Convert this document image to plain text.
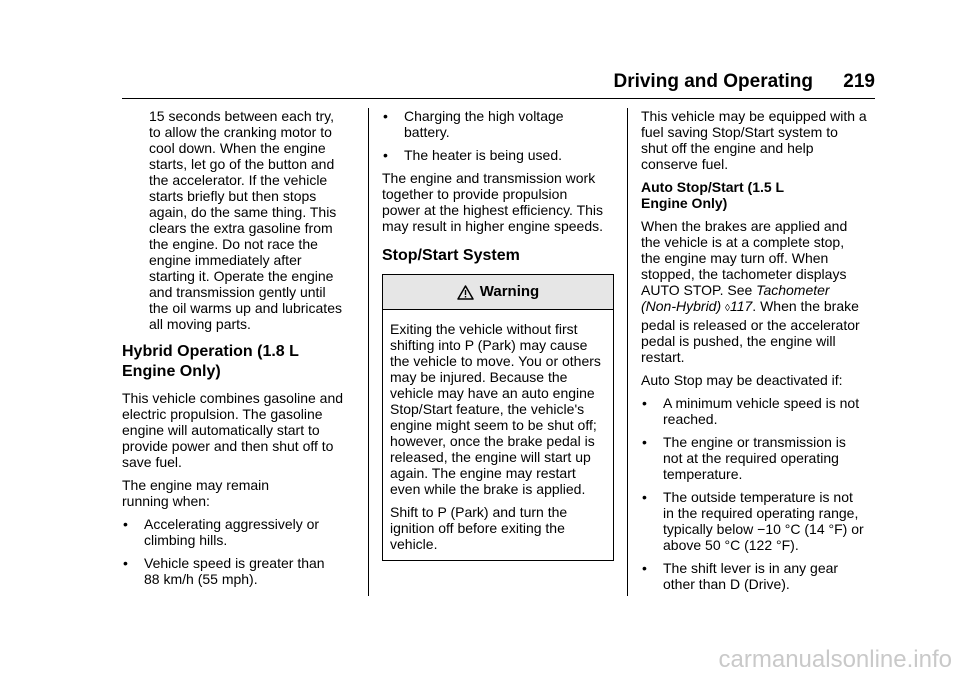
Driving and Operating 219

15 seconds between each try,
to allow the cranking motor to
cool down. When the engine
starts, let go of the button and
the accelerator. If the vehicle
starts briefly but then stops
again, do the same thing. This
clears the extra gasoline from
the engine. Do not race the
engine immediately after
starting it. Operate the engine
and transmission gently until
the oil warms up and lubricates
all moving parts.

Hybrid Operation (1.8 L
Engine Only)

This vehicle combines gasoline and
electric propulsion. The gasoline
engine will automatically start to
provide power and then shut off to
save fuel.

The engine may remain
running when:

• Accelerating aggressively or
climbing hills.
• Vehicle speed is greater than
88 km/h (55 mph).
• Charging the high voltage
battery.
• The heater is being used.

The engine and transmission work
together to provide propulsion
power at the highest efficiency. This
may result in higher engine speeds.

Stop/Start System
Warning

Exiting the vehicle without first
shifting into P (Park) may cause
the vehicle to move. You or others
may be injured. Because the
vehicle may have an auto engine
Stop/Start feature, the vehicle's
engine might seem to be shut off;
however, once the brake pedal is
released, the engine will start up
again. The engine may restart
even while the brake is applied.

Shift to P (Park) and turn the
ignition off before exiting the
vehicle.

This vehicle may be equipped with a
fuel saving Stop/Start system to
shut off the engine and help
conserve fuel.

Auto Stop/Start (1.5 L
Engine Only)

When the brakes are applied and
the vehicle is at a complete stop,
the engine may turn off. When
stopped, the tachometer displays
AUTO STOP. See Tachometer
(Non-Hybrid) ◊117. When the brake
pedal is released or the accelerator
pedal is pushed, the engine will
restart.

Auto Stop may be deactivated if:

• A minimum vehicle speed is not
reached.
• The engine or transmission is
not at the required operating
temperature.
• The outside temperature is not
in the required operating range,
typically below −10 °C (14 °F) or
above 50 °C (122 °F).
• The shift lever is in any gear
other than D (Drive).
carmanualsonline.info
